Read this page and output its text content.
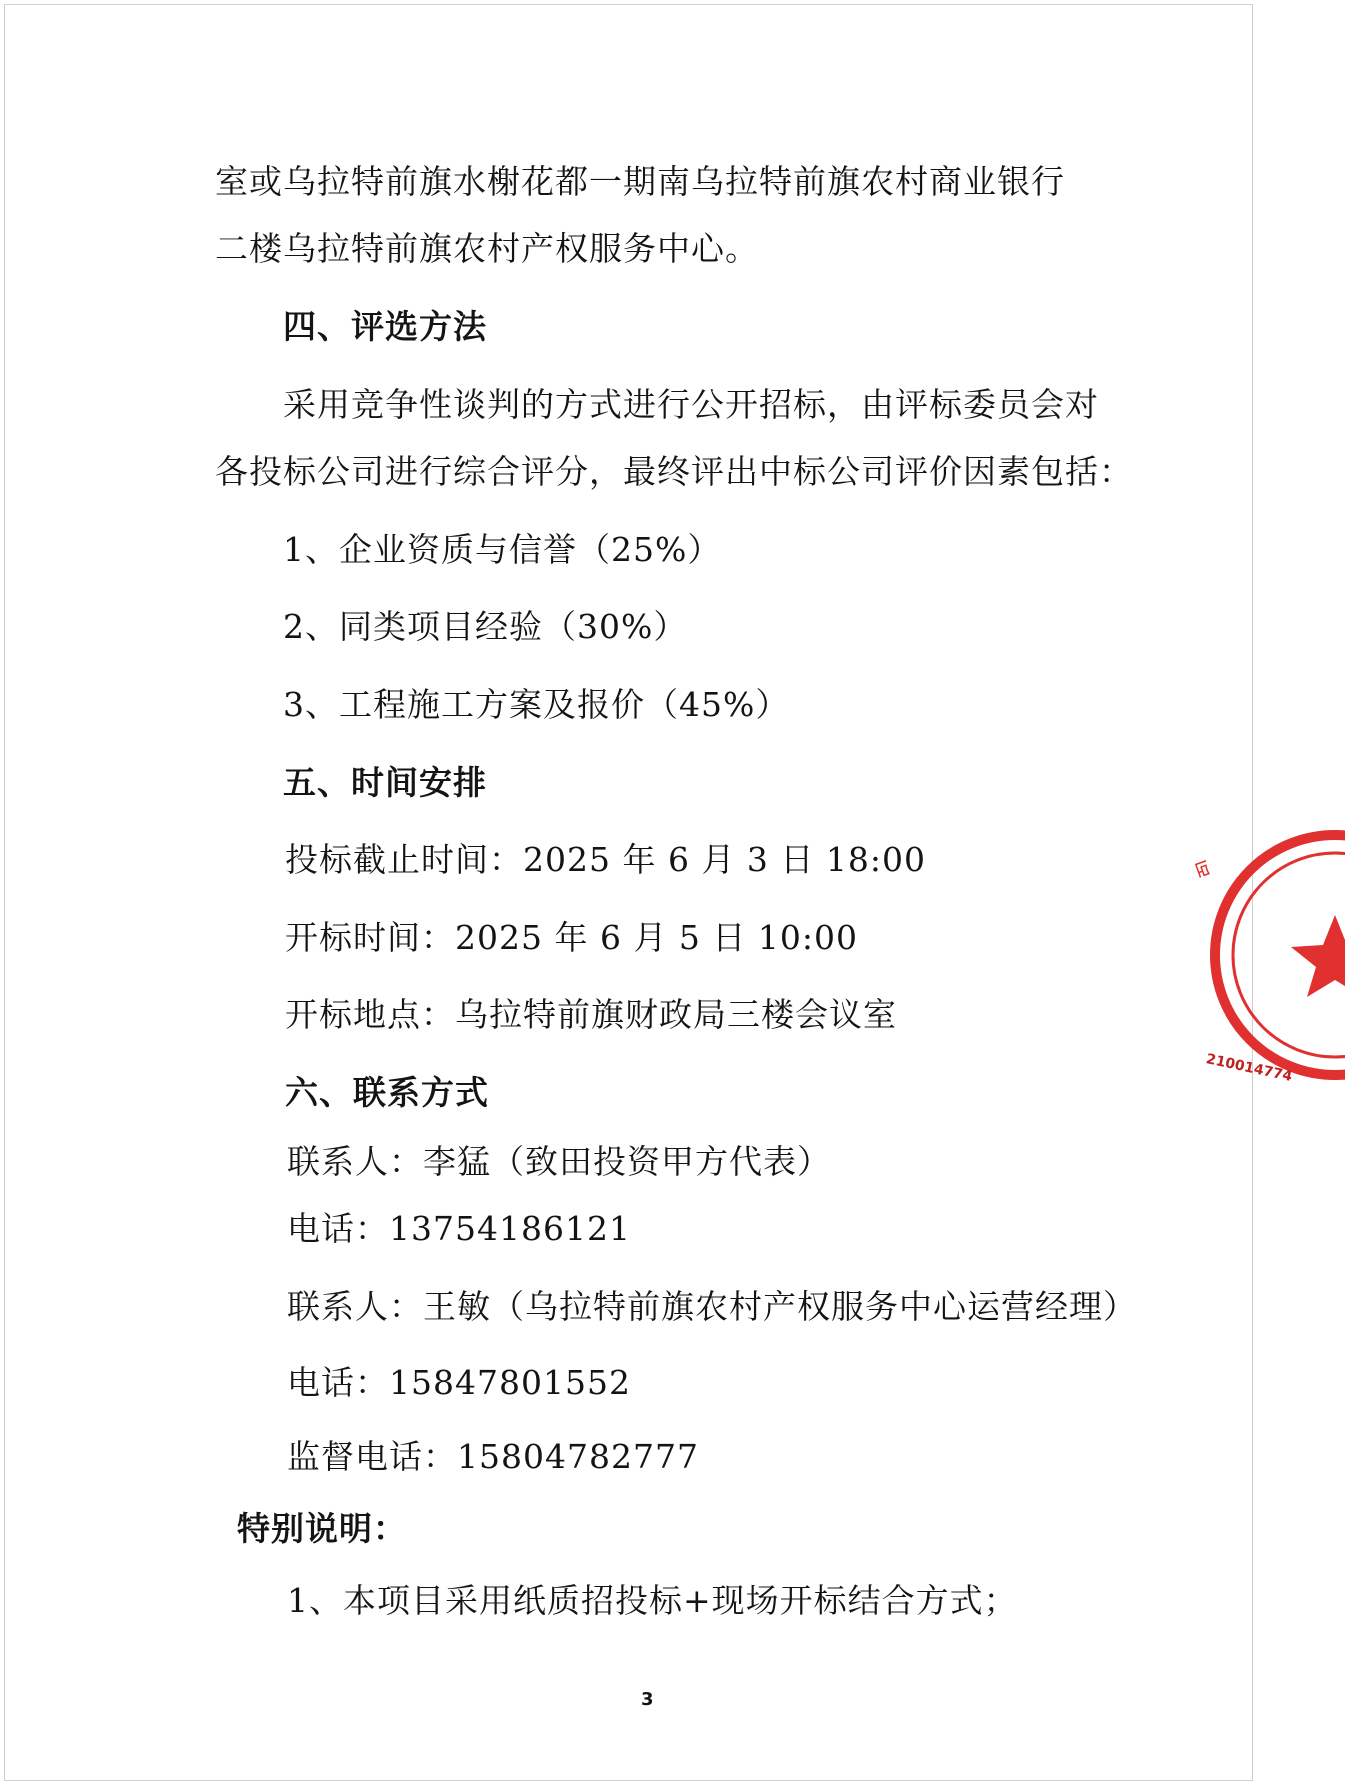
室或乌拉特前旗水榭花都一期南乌拉特前旗农村商业银行
二楼乌拉特前旗农村产权服务中心。
四、评选方法
采用竞争性谈判的方式进行公开招标，由评标委员会对
各投标公司进行综合评分，最终评出中标公司评价因素包括：
1、企业资质与信誉（25%）
2、同类项目经验（30%）
3、工程施工方案及报价（45%）
五、时间安排
投标截止时间：2025 年 6 月 3 日 18:00
开标时间：2025 年 6 月 5 日 10:00
开标地点：乌拉特前旗财政局三楼会议室
六、联系方式
联系人：李猛（致田投资甲方代表）
电话：13754186121
联系人：王敏（乌拉特前旗农村产权服务中心运营经理）
电话：15847801552
监督电话：15804782777
特别说明：
1、本项目采用纸质招投标+现场开标结合方式；
3
ꡂ
210014774
